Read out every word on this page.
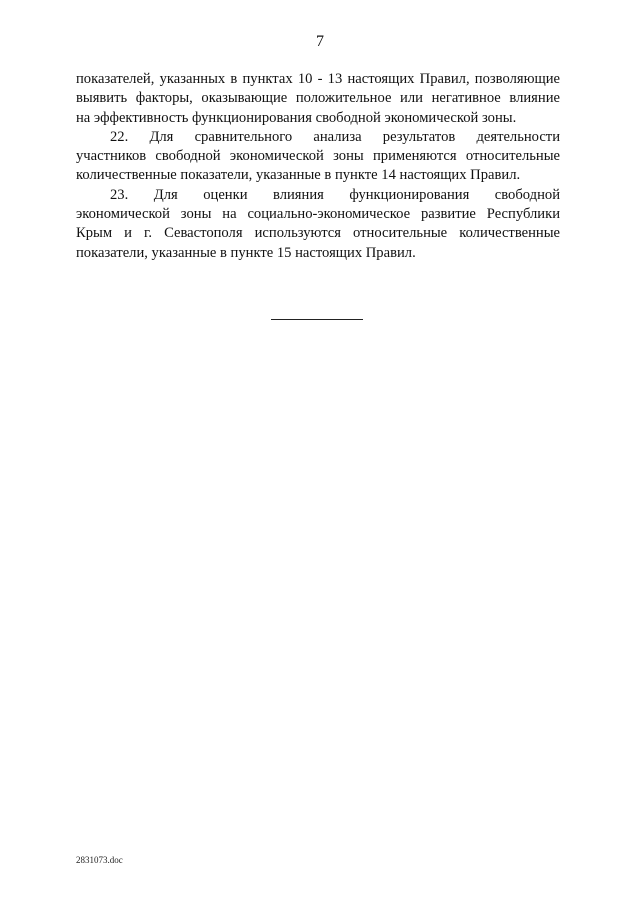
7
показателей, указанных в пунктах 10 - 13 настоящих Правил, позволяющие
выявить факторы, оказывающие положительное или негативное влияние
на эффективность функционирования свободной экономической зоны.
22. Для сравнительного анализа результатов деятельности
участников свободной экономической зоны применяются относительные
количественные показатели, указанные в пункте 14 настоящих Правил.
23. Для оценки влияния функционирования свободной
экономической зоны на социально-экономическое развитие Республики
Крым и г. Севастополя используются относительные количественные
показатели, указанные в пункте 15 настоящих Правил.
2831073.doc
